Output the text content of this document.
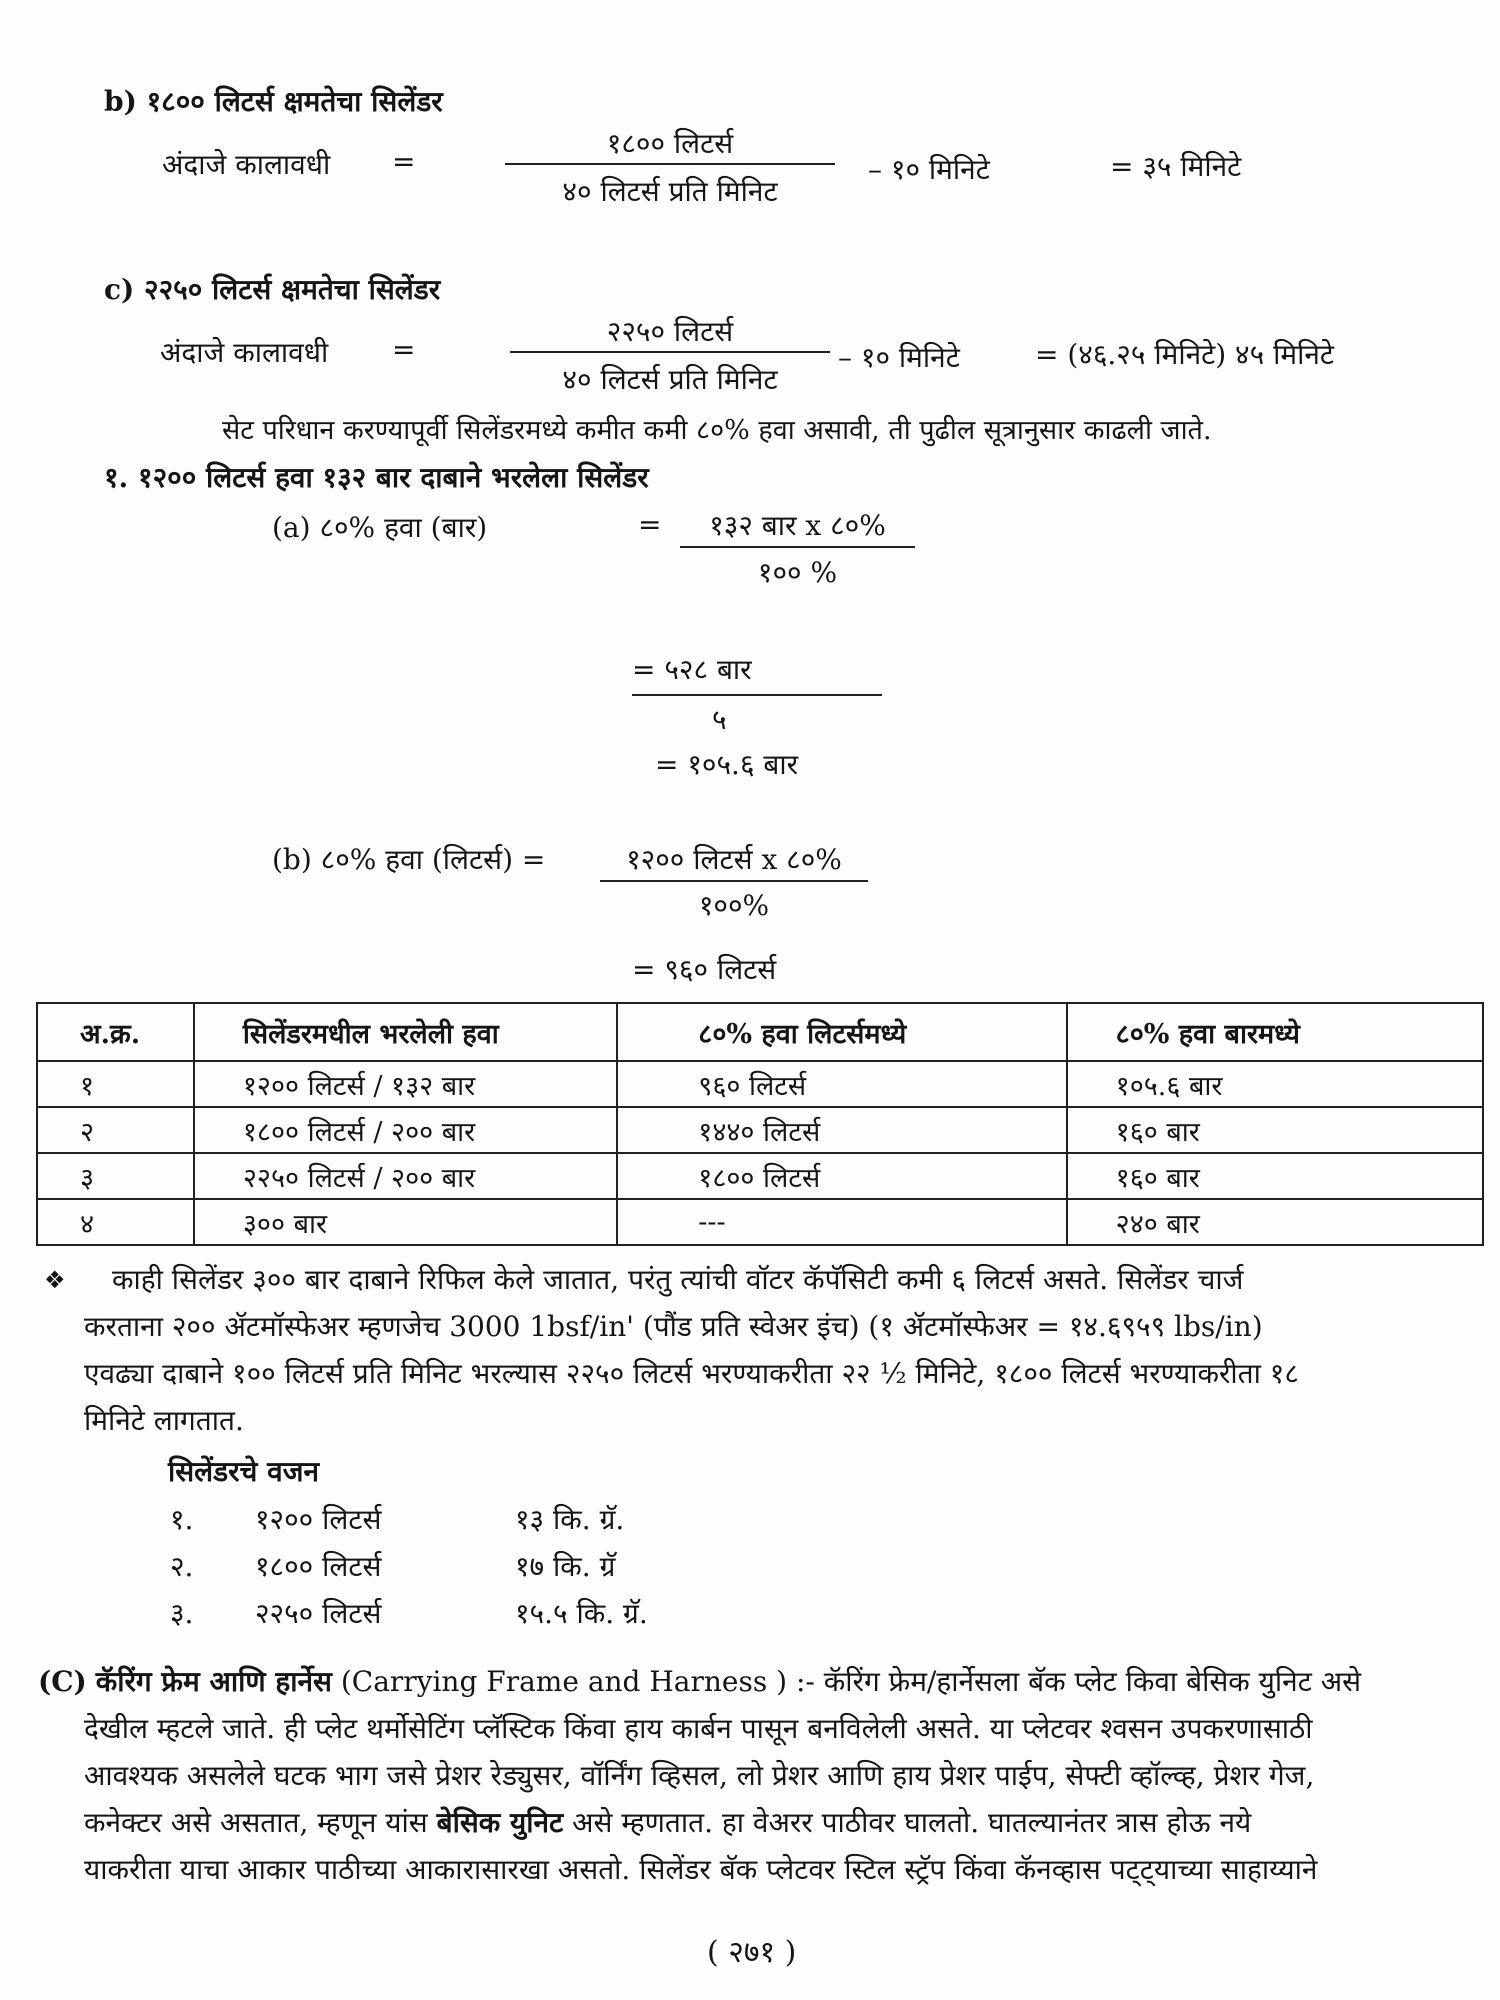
b) १८०० लिटर्स क्षमतेचा सिलेंडर
अंदाजे कालावधी =
१८०० लिटर्स
४० लिटर्स प्रति मिनिट
– १० मिनिटे	= ३५ मिनिटे
c) २२५० लिटर्स क्षमतेचा सिलेंडर
अंदाजे कालावधी =
२२५० लिटर्स
४० लिटर्स प्रति मिनिट
– १० मिनिटे	= (४६.२५ मिनिटे) ४५ मिनिटे
सेट परिधान करण्यापूर्वी सिलेंडरमध्ये कमीत कमी ८०% हवा असावी, ती पुढील सूत्रानुसार काढली जाते.
१. १२०० लिटर्स हवा १३२ बार दाबाने भरलेला सिलेंडर
(a) ८०% हवा (बार)	=	१३२ बार x ८०%
१०० %
= ५२८ बार
५
= १०५.६ बार
(b) ८०% हवा (लिटर्स) =	१२०० लिटर्स x ८०%
१००%
= ९६० लिटर्स
अ.क्र.	सिलेंडरमधील भरलेली हवा	८०% हवा लिटर्समध्ये	८०% हवा बारमध्ये
१	१२०० लिटर्स / १३२ बार	९६० लिटर्स	१०५.६ बार
२	१८०० लिटर्स / २०० बार	१४४० लिटर्स	१६० बार
३	२२५० लिटर्स / २०० बार	१८०० लिटर्स	१६० बार
४	३०० बार	---	२४० बार
❖ काही सिलेंडर ३०० बार दाबाने रिफिल केले जातात, परंतु त्यांची वॉटर कॅपॅसिटी कमी ६ लिटर्स असते. सिलेंडर चार्ज
करताना २०० ॲटमॉस्फेअर म्हणजेच 3000 1bsf/in' (पौंड प्रति स्वेअर इंच) (१ ॲटमॉस्फेअर = १४.६९५९ lbs/in)
एवढ्या दाबाने १०० लिटर्स प्रति मिनिट भरल्यास २२५० लिटर्स भरण्याकरीता २२ ½ मिनिटे, १८०० लिटर्स भरण्याकरीता १८
मिनिटे लागतात.
सिलेंडरचे वजन
१. १२०० लिटर्स	१३ कि. ग्रॅ.
२. १८०० लिटर्स	१७ कि. ग्रॅ
३. २२५० लिटर्स	१५.५ कि. ग्रॅ.
(C) कॅरिंग फ्रेम आणि हार्नेस (Carrying Frame and Harness ) :- कॅरिंग फ्रेम/हार्नेसला बॅक प्लेट किवा बेसिक युनिट असे
देखील म्हटले जाते. ही प्लेट थर्मोसेटिंग प्लॅस्टिक किंवा हाय कार्बन पासून बनविलेली असते. या प्लेटवर श्वसन उपकरणासाठी
आवश्यक असलेले घटक भाग जसे प्रेशर रेड्युसर, वॉर्निंग व्हिसल, लो प्रेशर आणि हाय प्रेशर पाईप, सेफ्टी व्हॉल्व्ह, प्रेशर गेज,
कनेक्टर असे असतात, म्हणून यांस बेसिक युनिट असे म्हणतात. हा वेअरर पाठीवर घालतो. घातल्यानंतर त्रास होऊ नये
याकरीता याचा आकार पाठीच्या आकारासारखा असतो. सिलेंडर बॅक प्लेटवर स्टिल स्ट्रॅप किंवा कॅनव्हास पट्ट्याच्या साहाय्याने
( २७१ )
